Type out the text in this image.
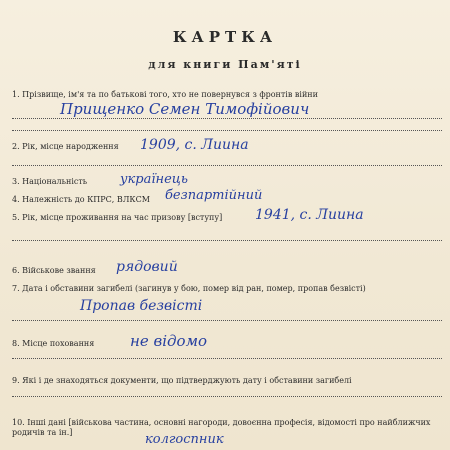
КАРТКА
для книги Пам'яті
1. Прізвище, ім'я та по батькові того, хто не повернувся з фронтів війни
Прищенко Семен Тимофійович
2. Рік, місце народження 1909, с. Лиина
3. Національність	українець
4. Належність до КПРС, ВЛКСМ безпартійний
5. Рік, місце проживання на час призову [вступу] 1941, с. Лиина
6. Військове звання рядовий
7. Дата і обставини загибелі (загинув у бою, помер від ран, помер, пропав безвісті)
Пропав безвісті
8. Місце поховання не відомо
9. Які і де знаходяться документи, що підтверджують дату і обставини загибелі
10. Інші дані [військова частина, основні нагороди, довоєнна професія, відомості про найближчих родичів та ін.]	колгоспник
